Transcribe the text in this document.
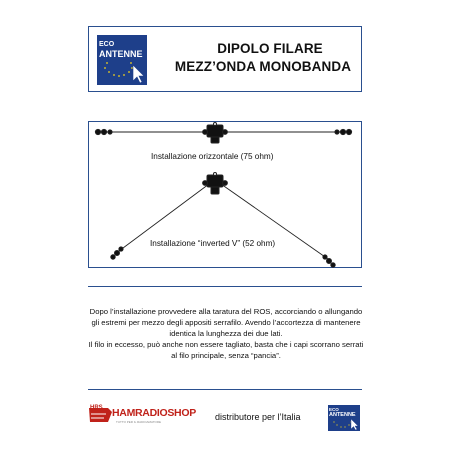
ECO
ANTENNE	DIPOLO FILARE
MEZZ’ONDA MONOBANDA
Installazione orizzontale (75 ohm)
Installazione “inverted V” (52 ohm)

Dopo l’installazione provvedere alla taratura del ROS, accorciando o allungando gli estremi per mezzo degli appositi serrafilo. Avendo l’accortezza di mantenere identica la lunghezza dei due lati.

Il filo in eccesso, può anche non essere tagliato, basta che i capi scorrano serrati al filo principale, senza “pancia”.

HRS HAMRADIOSHOP
TUTTO PER IL RADIOAMATORE	distributore per l’Italia
ECO
ANTENNE
